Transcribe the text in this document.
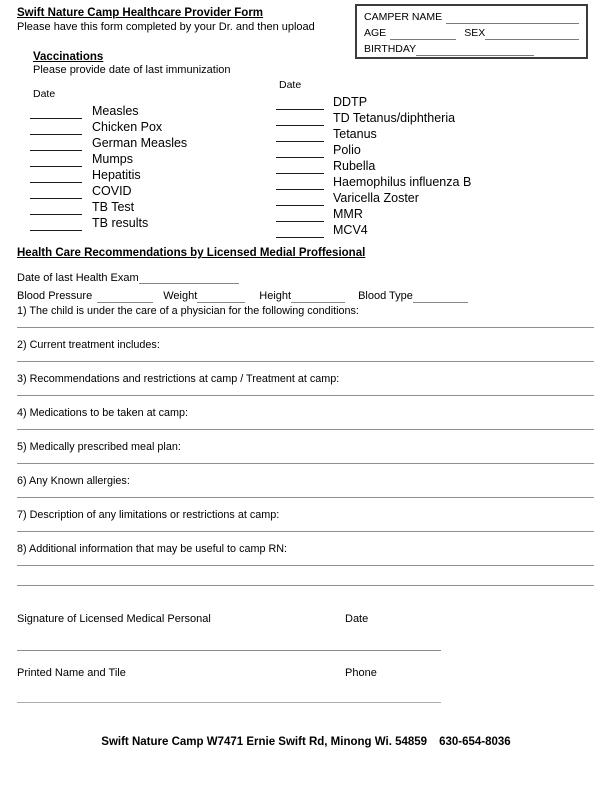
Swift Nature Camp Healthcare Provider Form
Please have this form completed by your Dr. and then upload
CAMPER NAME
AGE	SEX
BIRTHDAY
Vaccinations
Please provide date of last immunization
Date
Measles
Chicken Pox
German Measles
Mumps
Hepatitis
COVID
TB Test
TB results
Date
DDTP
TD Tetanus/diphtheria
Tetanus
Polio
Rubella
Haemophilus influenza B
Varicella Zoster
MMR
MCV4
Health Care Recommendations by Licensed Medial Proffesional
Date of last Health Exam
Blood Pressure	Weight	Height	Blood Type
1) The child is under the care of a physician for the following conditions:
2) Current treatment includes:
3) Recommendations and restrictions at camp / Treatment at camp:
4) Medications to be taken at camp:
5) Medically prescribed meal plan:
6) Any Known allergies:
7) Description of any limitations or restrictions at camp:
8) Additional information that may be useful to camp RN:
Signature of Licensed Medical Personal	Date
Printed Name and Tile	Phone
Swift Nature Camp W7471 Ernie Swift Rd, Minong Wi. 54859 630-654-8036
